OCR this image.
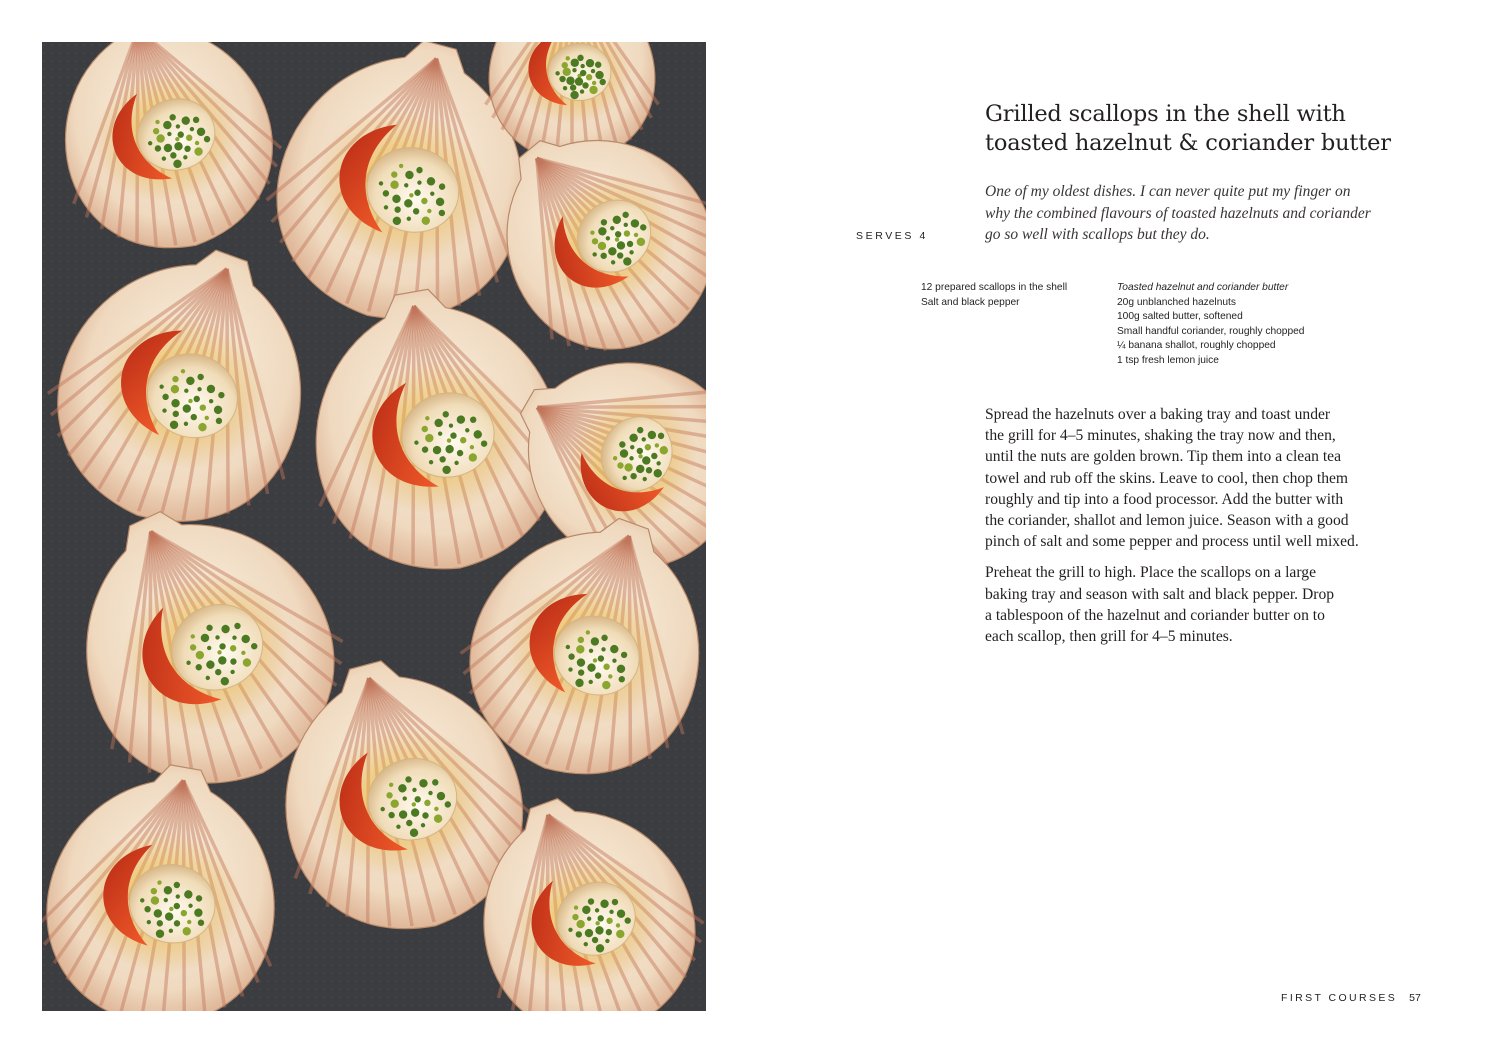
Grilled scallops in the shell with
toasted hazelnut & coriander butter
SERVES 4

One of my oldest dishes. I can never quite put my finger on
why the combined flavours of toasted hazelnuts and coriander
go so well with scallops but they do.

12 prepared scallops in the shell
Salt and black pepper
Toasted hazelnut and coriander butter
20g unblanched hazelnuts
100g salted butter, softened
Small handful coriander, roughly chopped
¼ banana shallot, roughly chopped
1 tsp fresh lemon juice

Spread the hazelnuts over a baking tray and toast under
the grill for 4–5 minutes, shaking the tray now and then,
until the nuts are golden brown. Tip them into a clean tea
towel and rub off the skins. Leave to cool, then chop them
roughly and tip into a food processor. Add the butter with
the coriander, shallot and lemon juice. Season with a good
pinch of salt and some pepper and process until well mixed.

Preheat the grill to high. Place the scallops on a large
baking tray and season with salt and black pepper. Drop
a tablespoon of the hazelnut and coriander butter on to
each scallop, then grill for 4–5 minutes.

FIRST COURSES 57
